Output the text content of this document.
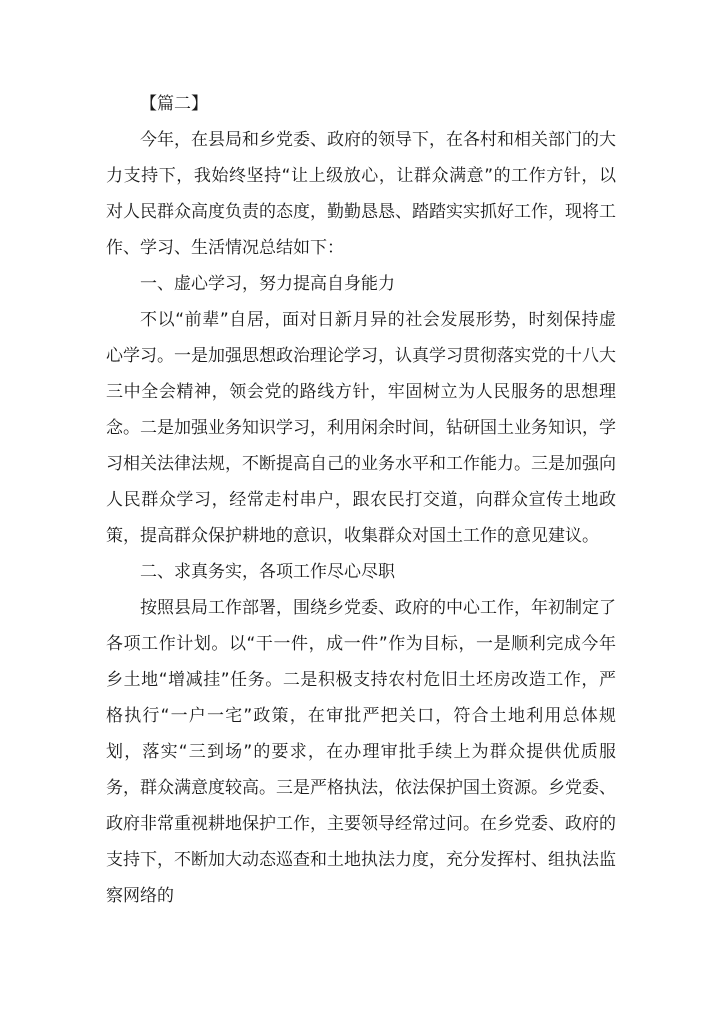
【篇二】

今年，在县局和乡党委、政府的领导下，在各村和相关部门的大力支持下，我始终坚持“让上级放心，让群众满意”的工作方针，以对人民群众高度负责的态度，勤勤恳恳、踏踏实实抓好工作，现将工作、学习、生活情况总结如下：

一、虚心学习，努力提高自身能力

不以“前辈”自居，面对日新月异的社会发展形势，时刻保持虚心学习。一是加强思想政治理论学习，认真学习贯彻落实党的十八大三中全会精神，领会党的路线方针，牢固树立为人民服务的思想理念。二是加强业务知识学习，利用闲余时间，钻研国土业务知识，学习相关法律法规，不断提高自己的业务水平和工作能力。三是加强向人民群众学习，经常走村串户，跟农民打交道，向群众宣传土地政策，提高群众保护耕地的意识，收集群众对国土工作的意见建议。

二、求真务实，各项工作尽心尽职

按照县局工作部署，围绕乡党委、政府的中心工作，年初制定了各项工作计划。以“干一件，成一件”作为目标，一是顺利完成今年乡土地“增减挂”任务。二是积极支持农村危旧土坯房改造工作，严格执行“一户一宅”政策，在审批严把关口，符合土地利用总体规划，落实“三到场”的要求，在办理审批手续上为群众提供优质服务，群众满意度较高。三是严格执法，依法保护国土资源。乡党委、政府非常重视耕地保护工作，主要领导经常过问。在乡党委、政府的支持下，不断加大动态巡查和土地执法力度，充分发挥村、组执法监察网络的
